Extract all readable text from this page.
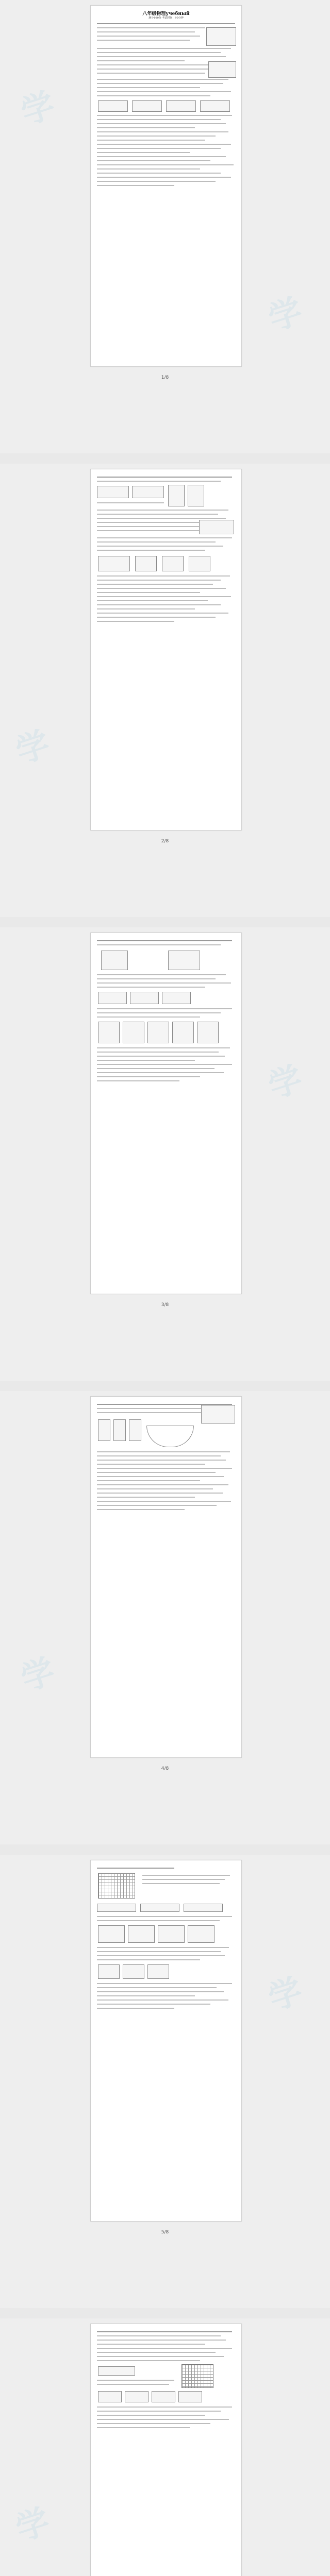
学
学
学
学
学
学
学
八年级物理учебный
满分100分 考试时间：90分钟
1/8
2/8
3/8
4/8
5/8
